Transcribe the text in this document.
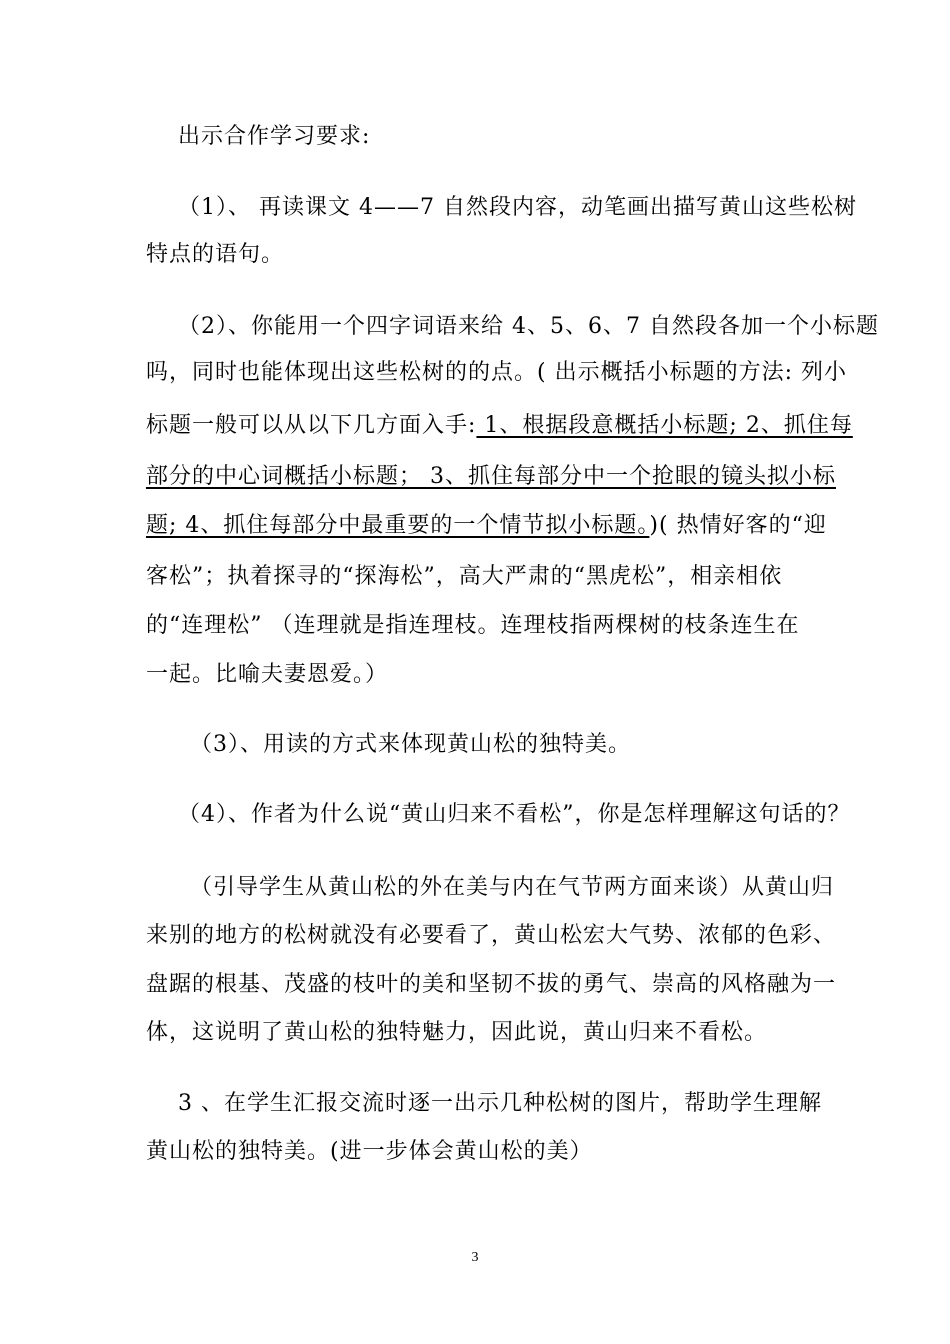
出示合作学习要求:
（1）、 再读课文 4——7 自然段内容，动笔画出描写黄山这些松树
特点的语句。
（2）、你能用一个四字词语来给 4、5、6、7 自然段各加一个小标题
吗，同时也能体现出这些松树的的点。( 出示概括小标题的方法: 列小
标题一般可以从以下几方面入手: 1、根据段意概括小标题; 2、抓住每
部分的中心词概括小标题； 3、抓住每部分中一个抢眼的镜头拟小标
题; 4、抓住每部分中最重要的一个情节拟小标题。)( 热情好客的“迎
客松”；执着探寻的“探海松”，高大严肃的“黑虎松”，相亲相依
的“连理松” （连理就是指连理枝。连理枝指两棵树的枝条连生在
一起。比喻夫妻恩爱。）
（3）、用读的方式来体现黄山松的独特美。
（4）、作者为什么说“黄山归来不看松”，你是怎样理解这句话的？
（引导学生从黄山松的外在美与内在气节两方面来谈）从黄山归
来别的地方的松树就没有必要看了，黄山松宏大气势、浓郁的色彩、
盘踞的根基、茂盛的枝叶的美和坚韧不拔的勇气、崇高的风格融为一
体，这说明了黄山松的独特魅力，因此说，黄山归来不看松。
3 、在学生汇报交流时逐一出示几种松树的图片，帮助学生理解
黄山松的独特美。(进一步体会黄山松的美）
3
